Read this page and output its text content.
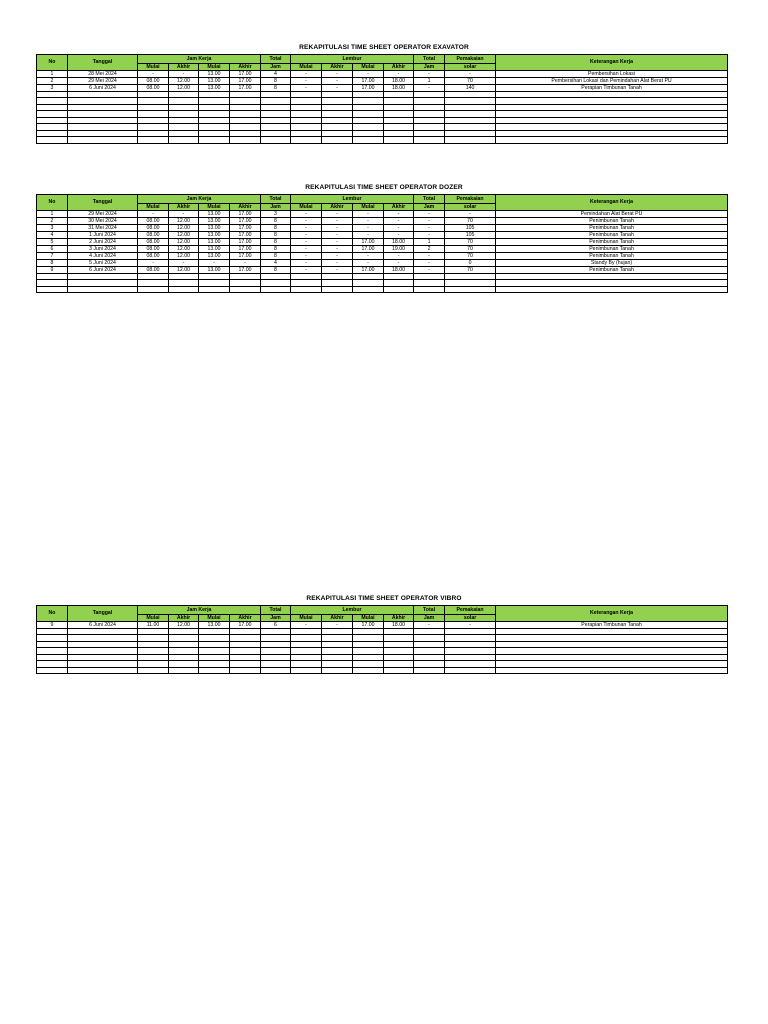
REKAPITULASI TIME SHEET OPERATOR EXAVATOR
No	Tanggal	Jam Kerja				Total	Lembur				Total	Pemakaian	Keterangan Kerja
		Mulai	Akhir	Mulai	Akhir	Jam	Mulai	Akhir	Mulai	Akhir	Jam	solar	
1	28 Mei 2024	-	-	13.00	17.00	4	-	-	-	-	-	-	Pembersihan Lokasi
2	29 Mei 2024	08.00	12.00	13.00	17.00	8	-	-	17.00	18.00	1	70	Pembersihan Lokasi dan Pemindahan Alat Berat PU
3	6 Juni 2024	08.00	12.00	13.00	17.00	8	-	-	17.00	18.00	-	140	Perapian Timbunan Tanah

REKAPITULASI TIME SHEET OPERATOR DOZER
No	Tanggal	Jam Kerja				Total	Lembur				Total	Pemakaian	Keterangan Kerja
		Mulai	Akhir	Mulai	Akhir	Jam	Mulai	Akhir	Mulai	Akhir	Jam	solar	
1	29 Mei 2024	-	-	13.00	17.00	3	-	-	-	-	-	-	Pemindahan Alat Berat PU
2	30 Mei 2024	08.00	12.00	13.00	17.00	8	-	-	-	-	-	70	Penimbunan Tanah
3	31 Mei 2024	08.00	12.00	13.00	17.00	8	-	-	-	-	-	105	Penimbunan Tanah
4	1 Juni 2024	08.00	12.00	13.00	17.00	8	-	-	-	-	-	105	Penimbunan Tanah
5	2 Juni 2024	08.00	12.00	13.00	17.00	8	-	-	17.00	18.00	1	70	Penimbunan Tanah
6	3 Juni 2024	08.00	12.00	13.00	17.00	8	-	-	17.00	19.00	2	70	Penimbunan Tanah
7	4 Juni 2024	08.00	12.00	13.00	17.00	8	-	-	-	-	-	70	Penimbunan Tanah
8	5 Juni 2024	-	-	-	-	4	-	-	-	-	-	0	Standy By (hujan)
9	6 Juni 2024	08.00	12.00	13.00	17.00	8	-	-	17.00	18.00	-	70	Penimbunan Tanah

REKAPITULASI TIME SHEET OPERATOR VIBRO
No	Tanggal	Jam Kerja				Total	Lembur				Total	Pemakaian	Keterangan Kerja
		Mulai	Akhir	Mulai	Akhir	Jam	Mulai	Akhir	Mulai	Akhir	Jam	solar	
9	6 Juni 2024	11.00	12.00	13.00	17.00	6	-	-	17.00	18.00	-	-	Perapian Timbunan Tanah
